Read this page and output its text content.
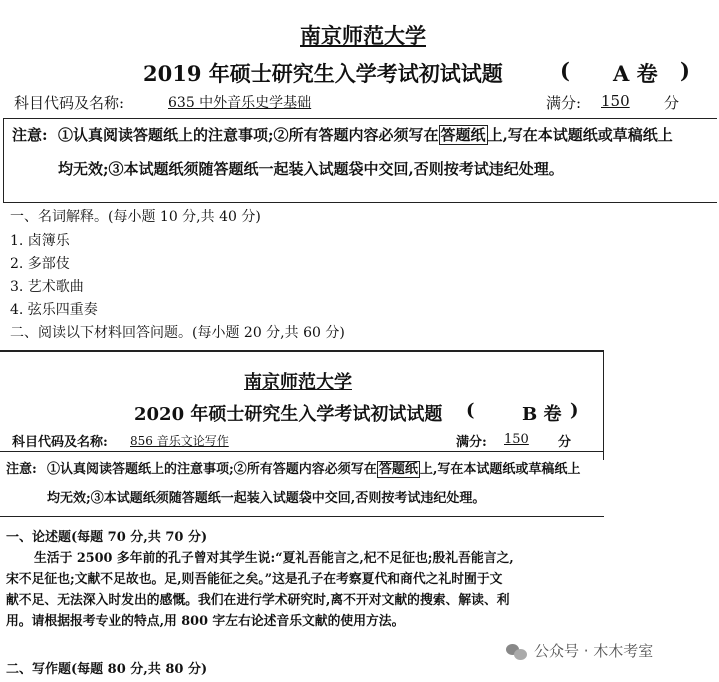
南京师范大学
2019 年硕士研究生入学考试初试试题	( A 卷 )
科目代码及名称:	635 中外音乐史学基础	满分: 150 分
注意: ①认真阅读答题纸上的注意事项;②所有答题内容必须写在 答题纸 上,写在本试题纸或草稿纸上
均无效;③本试题纸须随答题纸一起装入试题袋中交回,否则按考试违纪处理。
一、名词解释。(每小题 10 分,共 40 分)
1. 卤簿乐
2. 多部伎
3. 艺术歌曲
4. 弦乐四重奏
二、阅读以下材料回答问题。(每小题 20 分,共 60 分)
南京师范大学
2020 年硕士研究生入学考试初试试题 (	B 卷 )
科目代码及名称: 856 音乐文论写作	满分: 150 分
注意: ①认真阅读答题纸上的注意事项;②所有答题内容必须写在 答题纸 上,写在本试题纸或草稿纸上
均无效;③本试题纸须随答题纸一起装入试题袋中交回,否则按考试违纪处理。
一、论述题(每题 70 分,共 70 分)
生活于 2500 多年前的孔子曾对其学生说:“夏礼吾能言之,杞不足征也;殷礼吾能言之,
宋不足征也;文献不足故也。足,则吾能征之矣。”这是孔子在考察夏代和商代之礼时囿于文
献不足、无法深入时发出的感慨。我们在进行学术研究时,离不开对文献的搜索、解读、利
用。请根据报考专业的特点,用 800 字左右论述音乐文献的使用方法。
二、写作题(每题 80 分,共 80 分)
公众号 · 木木考室
